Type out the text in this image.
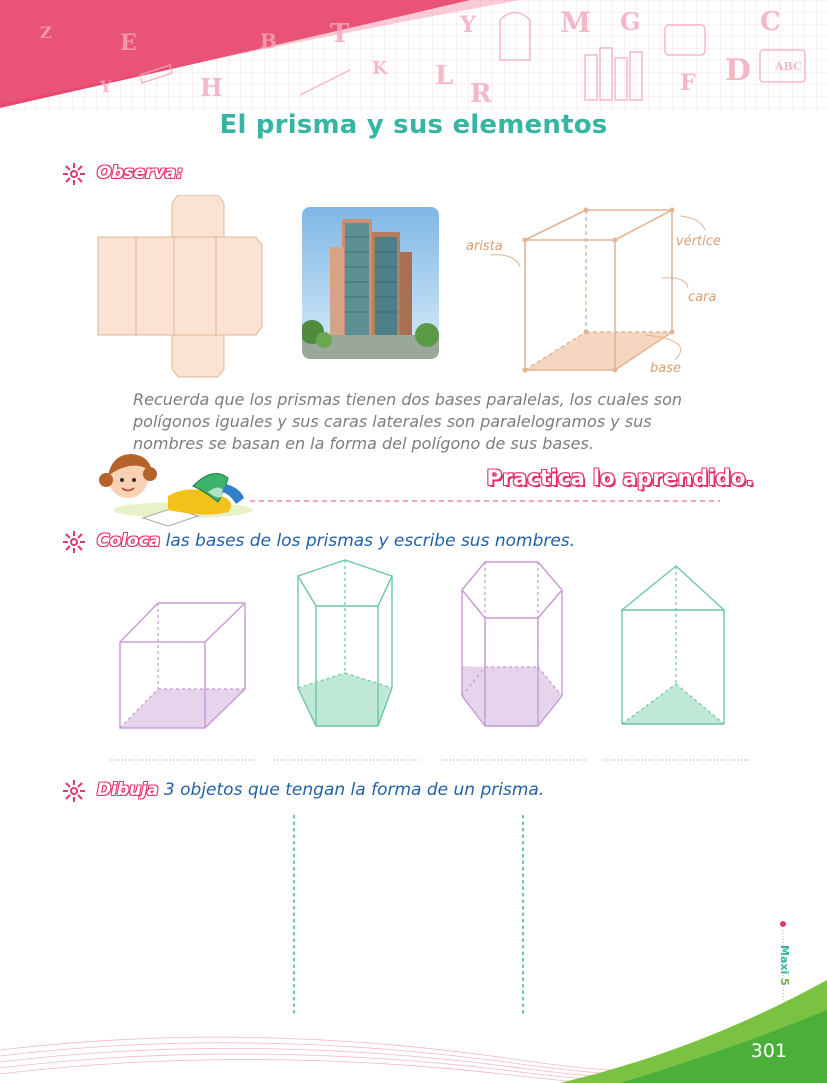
Z	E
Y	H
B
K
T	Y
L
R
M G
F D
C
ABC
El prisma y sus elementos
Observa:
arista	vértice
cara
base
Recuerda que los prismas tienen dos bases paralelas, los cuales son polígonos iguales y sus caras laterales son paralelogramos y sus nombres se basan en la forma del polígono de sus bases.
Practica lo aprendido.
Coloca las bases de los prismas y escribe sus nombres.
Dibuja 3 objetos que tengan la forma de un prisma.
Maxi 5
301
